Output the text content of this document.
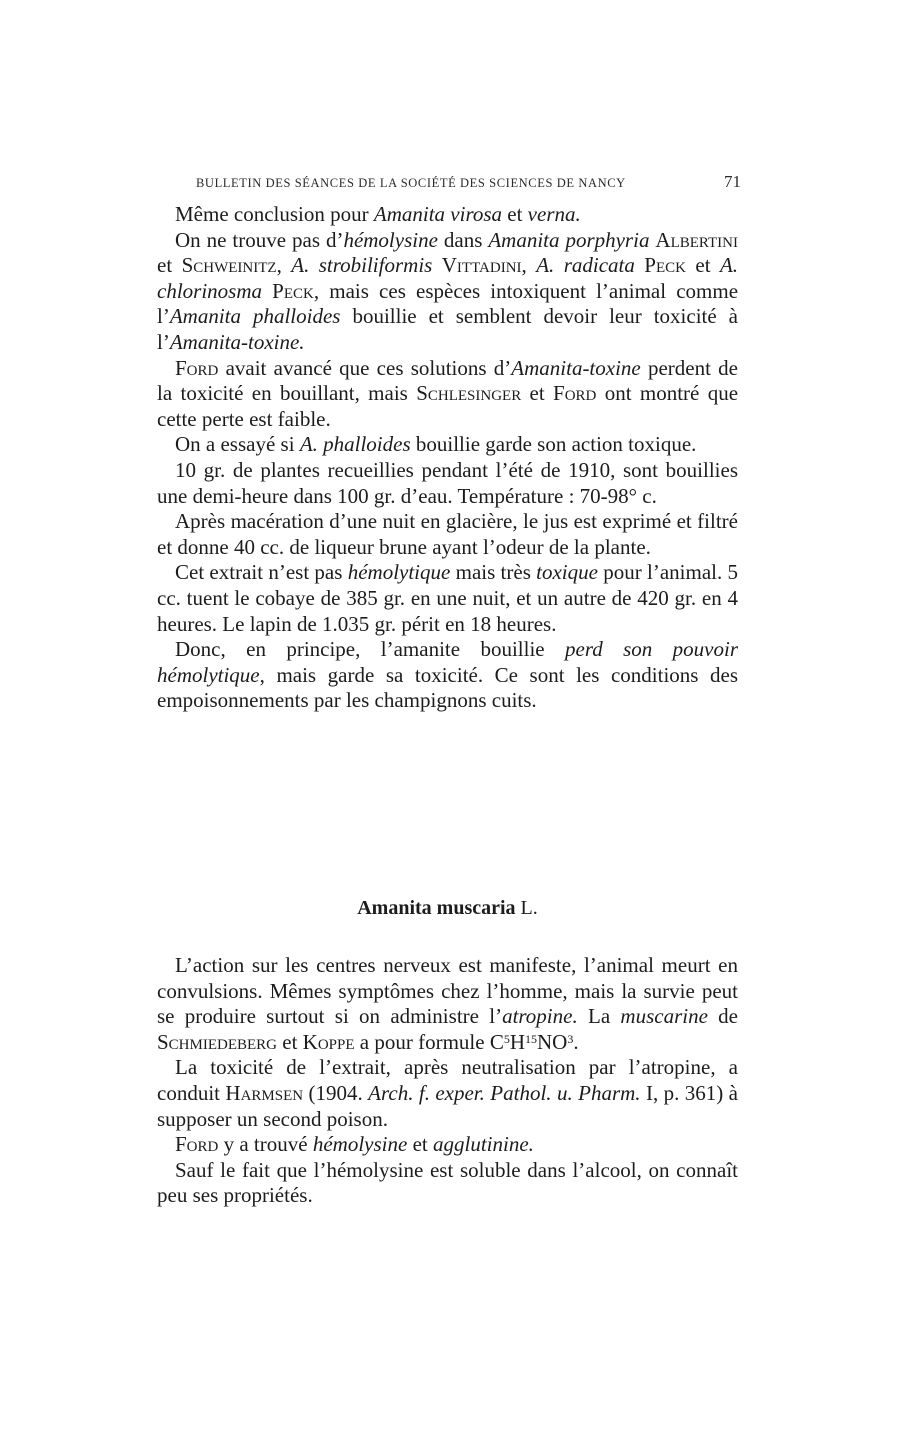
BULLETIN DES SÉANCES DE LA SOCIÉTÉ DES SCIENCES DE NANCY	71

Même conclusion pour Amanita virosa et verna.

On ne trouve pas d’hémolysine dans Amanita porphyria Albertini et Schweinitz, A. strobiliformis Vittadini, A. radicata Peck et A. chlorinosma Peck, mais ces espèces intoxiquent l’animal comme l’Amanita phalloides bouillie et semblent devoir leur toxicité à l’Amanita-toxine.

Ford avait avancé que ces solutions d’Amanita-toxine perdent de la toxicité en bouillant, mais Schlesinger et Ford ont montré que cette perte est faible.

On a essayé si A. phalloides bouillie garde son action toxique.

10 gr. de plantes recueillies pendant l’été de 1910, sont bouillies une demi-heure dans 100 gr. d’eau. Température : 70-98° c.

Après macération d’une nuit en glacière, le jus est exprimé et filtré et donne 40 cc. de liqueur brune ayant l’odeur de la plante.

Cet extrait n’est pas hémolytique mais très toxique pour l’animal. 5 cc. tuent le cobaye de 385 gr. en une nuit, et un autre de 420 gr. en 4 heures. Le lapin de 1.035 gr. périt en 18 heures.

Donc, en principe, l’amanite bouillie perd son pouvoir hémolytique, mais garde sa toxicité. Ce sont les conditions des empoisonnements par les champignons cuits.

Amanita muscaria L.

L’action sur les centres nerveux est manifeste, l’animal meurt en convulsions. Mêmes symptômes chez l’homme, mais la survie peut se produire surtout si on administre l’atropine. La muscarine de Schmiedeberg et Koppe a pour formule $C^5H^{15}NO^3$.

La toxicité de l’extrait, après neutralisation par l’atropine, a conduit Harmsen (1904. Arch. f. exper. Pathol. u. Pharm. I, p. 361) à supposer un second poison.

Ford y a trouvé hémolysine et agglutinine.

Sauf le fait que l’hémolysine est soluble dans l’alcool, on connaît peu ses propriétés.
